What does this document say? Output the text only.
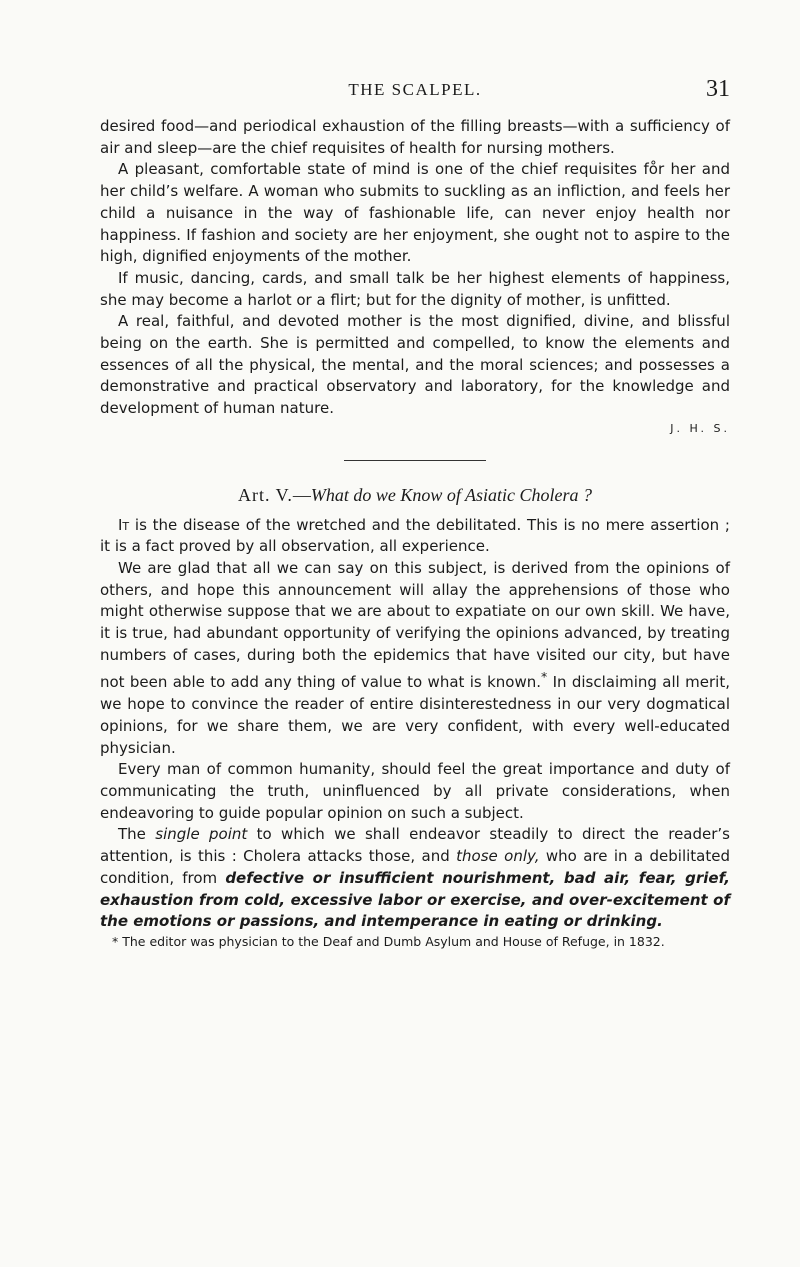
THE SCALPEL.	31

desired food—and periodical exhaustion of the filling breasts—with a sufficiency of air and sleep—are the chief requisites of health for nursing mothers.

A pleasant, comfortable state of mind is one of the chief requisites fo̊r her and her child’s welfare. A woman who submits to suckling as an infliction, and feels her child a nuisance in the way of fashionable life, can never enjoy health nor happiness. If fashion and society are her enjoyment, she ought not to aspire to the high, dignified enjoyments of the mother.

If music, dancing, cards, and small talk be her highest elements of happiness, she may become a harlot or a flirt; but for the dignity of mother, is unfitted.

A real, faithful, and devoted mother is the most dignified, divine, and blissful being on the earth. She is permitted and compelled, to know the elements and essences of all the physical, the mental, and the moral sciences; and possesses a demonstrative and practical observatory and laboratory, for the knowledge and development of human nature.

J. H. S.

Art. V.—What do we Know of Asiatic Cholera ?

It is the disease of the wretched and the debilitated. This is no mere assertion ; it is a fact proved by all observation, all experience.

We are glad that all we can say on this subject, is derived from the opinions of others, and hope this announcement will allay the apprehensions of those who might otherwise suppose that we are about to expatiate on our own skill. We have, it is true, had abundant opportunity of verifying the opinions advanced, by treating numbers of cases, during both the epidemics that have visited our city, but have not been able to add any thing of value to what is known.* In disclaiming all merit, we hope to convince the reader of entire disinterestedness in our very dogmatical opinions, for we share them, we are very confident, with every well-educated physician.

Every man of common humanity, should feel the great importance and duty of communicating the truth, uninfluenced by all private considerations, when endeavoring to guide popular opinion on such a subject.

The single point to which we shall endeavor steadily to direct the reader’s attention, is this : Cholera attacks those, and those only, who are in a debilitated condition, from defective or insufficient nourishment, bad air, fear, grief, exhaustion from cold, excessive labor or exercise, and over-excitement of the emotions or passions, and intemperance in eating or drinking.

* The editor was physician to the Deaf and Dumb Asylum and House of Refuge, in 1832.
